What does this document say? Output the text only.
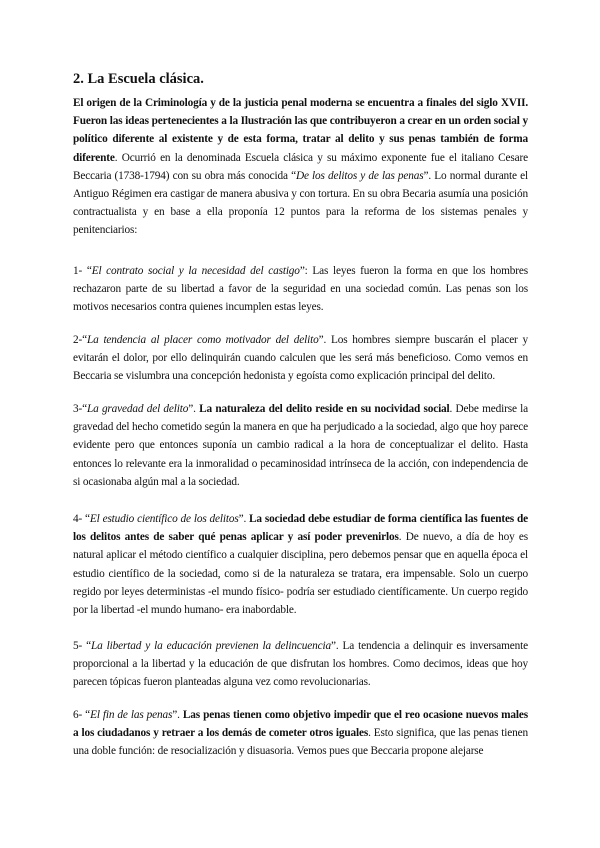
2. La Escuela clásica.

El origen de la Criminología y de la justicia penal moderna se encuentra a finales del siglo XVII. Fueron las ideas pertenecientes a la Ilustración las que contribuyeron a crear en un orden social y político diferente al existente y de esta forma, tratar al delito y sus penas también de forma diferente. Ocurrió en la denominada Escuela clásica y su máximo exponente fue el italiano Cesare Beccaria (1738-1794) con su obra más conocida “De los delitos y de las penas”. Lo normal durante el Antiguo Régimen era castigar de manera abusiva y con tortura. En su obra Becaria asumía una posición contractualista y en base a ella proponía 12 puntos para la reforma de los sistemas penales y penitenciarios:

1- “El contrato social y la necesidad del castigo”: Las leyes fueron la forma en que los hombres rechazaron parte de su libertad a favor de la seguridad en una sociedad común. Las penas son los motivos necesarios contra quienes incumplen estas leyes.

2-“La tendencia al placer como motivador del delito”. Los hombres siempre buscarán el placer y evitarán el dolor, por ello delinquirán cuando calculen que les será más beneficioso. Como vemos en Beccaria se vislumbra una concepción hedonista y egoísta como explicación principal del delito.

3-“La gravedad del delito”. La naturaleza del delito reside en su nocividad social. Debe medirse la gravedad del hecho cometido según la manera en que ha perjudicado a la sociedad, algo que hoy parece evidente pero que entonces suponía un cambio radical a la hora de conceptualizar el delito. Hasta entonces lo relevante era la inmoralidad o pecaminosidad intrínseca de la acción, con independencia de si ocasionaba algún mal a la sociedad.

4- “El estudio científico de los delitos”. La sociedad debe estudiar de forma científica las fuentes de los delitos antes de saber qué penas aplicar y así poder prevenirlos. De nuevo, a día de hoy es natural aplicar el método científico a cualquier disciplina, pero debemos pensar que en aquella época el estudio científico de la sociedad, como si de la naturaleza se tratara, era impensable. Solo un cuerpo regido por leyes deterministas -el mundo físico- podría ser estudiado científicamente. Un cuerpo regido por la libertad -el mundo humano- era inabordable.

5- “La libertad y la educación previenen la delincuencia”. La tendencia a delinquir es inversamente proporcional a la libertad y la educación de que disfrutan los hombres. Como decimos, ideas que hoy parecen tópicas fueron planteadas alguna vez como revolucionarias.

6- “El fin de las penas”. Las penas tienen como objetivo impedir que el reo ocasione nuevos males a los ciudadanos y retraer a los demás de cometer otros iguales. Esto significa, que las penas tienen una doble función: de resocialización y disuasoria. Vemos pues que Beccaria propone alejarse
